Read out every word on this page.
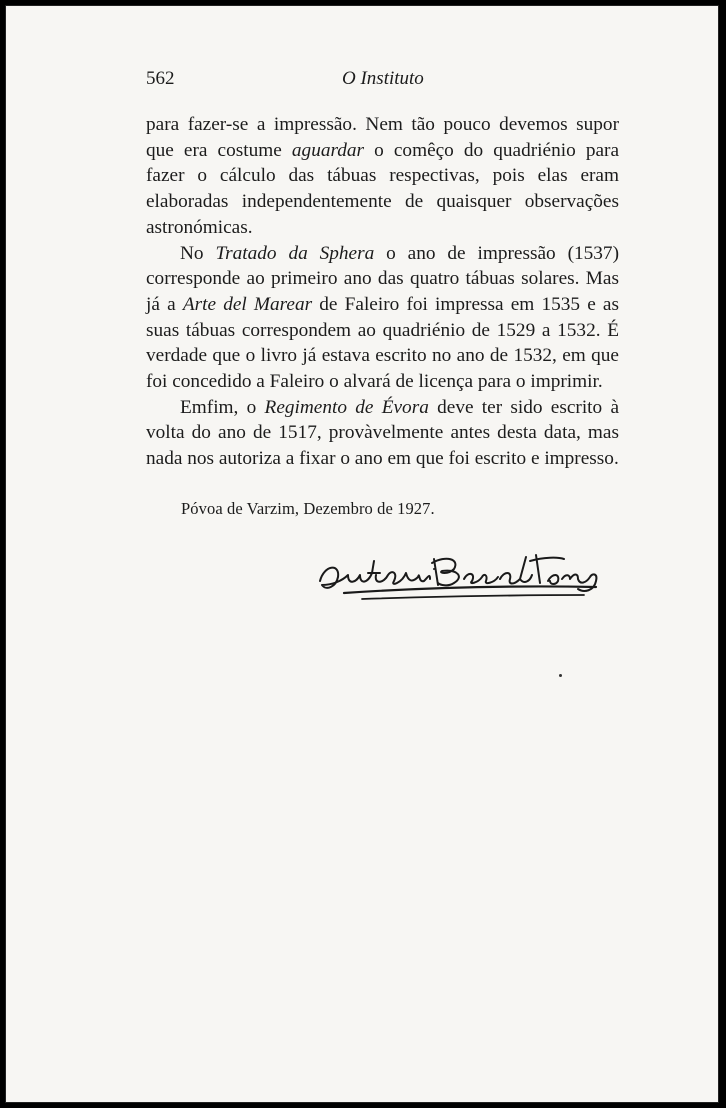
562	O Instituto

para fazer-se a impressão. Nem tão pouco devemos supor que era costume aguardar o comêço do quadriénio para fazer o cálculo das tábuas respectivas, pois elas eram elaboradas independentemente de quaisquer observações astronómicas.

No Tratado da Sphera o ano de impressão (1537) corresponde ao primeiro ano das quatro tábuas solares. Mas já a Arte del Marear de Faleiro foi impressa em 1535 e as suas tábuas correspondem ao quadriénio de 1529 a 1532. É verdade que o livro já estava escrito no ano de 1532, em que foi concedido a Faleiro o alvará de licença para o imprimir.

Emfim, o Regimento de Évora deve ter sido escrito à volta do ano de 1517, provàvelmente antes desta data, mas nada nos autoriza a fixar o ano em que foi escrito e impresso.

Póvoa de Varzim, Dezembro de 1927.
